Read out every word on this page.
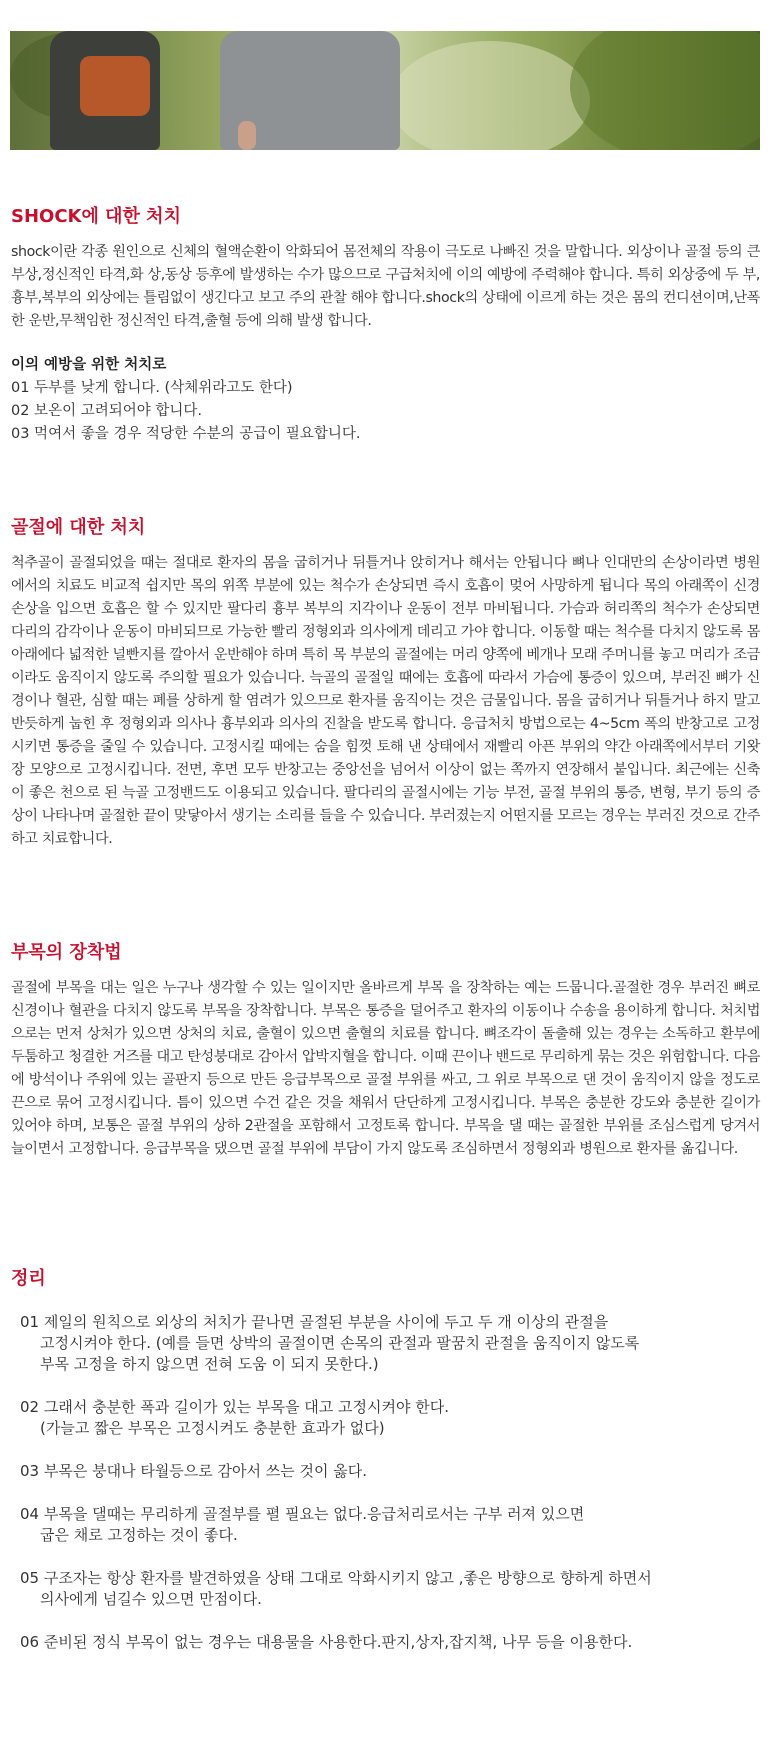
SHOCK에 대한 처치

shock이란 각종 원인으로 신체의 혈액순환이 악화되어 몸전체의 작용이 극도로 나빠진 것을 말합니다. 외상이나 골절 등의 큰부상,정신적인 타격,화 상,동상 등후에 발생하는 수가 많으므로 구급처치에 이의 예방에 주력해야 합니다. 특히 외상중에 두 부,흉부,복부의 외상에는 틀림없이 생긴다고 보고 주의 관찰 해야 합니다.shock의 상태에 이르게 하는 것은 몸의 컨디션이며,난폭한 운반,무책임한 정신적인 타격,출혈 등에 의해 발생 합니다.

이의 예방을 위한 처치로

01 두부를 낮게 합니다. (삭체위라고도 한다)

02 보온이 고려되어야 합니다.

03 먹여서 좋을 경우 적당한 수분의 공급이 필요합니다.

골절에 대한 처치

척추골이 골절되었을 때는 절대로 환자의 몸을 굽히거나 뒤틀거나 앉히거나 해서는 안됩니다 뼈나 인대만의 손상이라면 병원에서의 치료도 비교적 쉽지만 목의 위쪽 부분에 있는 척수가 손상되면 즉시 호흡이 멎어 사망하게 됩니다 목의 아래쪽이 신경 손상을 입으면 호흡은 할 수 있지만 팔다리 흉부 복부의 지각이나 운동이 전부 마비됩니다. 가슴과 허리쪽의 척수가 손상되면 다리의 감각이나 운동이 마비되므로 가능한 빨리 정형외과 의사에게 데리고 가야 합니다. 이동할 때는 척수를 다치지 않도록 몸 아래에다 넓적한 널빤지를 깔아서 운반해야 하며 특히 목 부분의 골절에는 머리 양쪽에 베개나 모래 주머니를 놓고 머리가 조금이라도 움직이지 않도록 주의할 필요가 있습니다. 늑골의 골절일 때에는 호흡에 따라서 가슴에 통증이 있으며, 부러진 뼈가 신경이나 혈관, 심할 때는 폐를 상하게 할 염려가 있으므로 환자를 움직이는 것은 금물입니다. 몸을 굽히거나 뒤틀거나 하지 말고 반듯하게 눕힌 후 정형외과 의사나 흉부외과 의사의 진찰을 받도록 합니다. 응급처치 방법으로는 4~5cm 폭의 반창고로 고정시키면 통증을 줄일 수 있습니다. 고정시킬 때에는 숨을 힘껏 토해 낸 상태에서 재빨리 아픈 부위의 약간 아래쪽에서부터 기왓장 모양으로 고정시킵니다. 전면, 후면 모두 반창고는 중앙선을 넘어서 이상이 없는 쪽까지 연장해서 붙입니다. 최근에는 신축이 좋은 천으로 된 늑골 고정밴드도 이용되고 있습니다. 팔다리의 골절시에는 기능 부전, 골절 부위의 통증, 변형, 부기 등의 증상이 나타나며 골절한 끝이 맞닿아서 생기는 소리를 들을 수 있습니다. 부러졌는지 어떤지를 모르는 경우는 부러진 것으로 간주하고 치료합니다.

부목의 장착법

골절에 부목을 대는 일은 누구나 생각할 수 있는 일이지만 올바르게 부목 을 장착하는 예는 드뭅니다.골절한 경우 부러진 뼈로 신경이나 혈관을 다치지 않도록 부목을 장착합니다. 부목은 통증을 덜어주고 환자의 이동이나 수송을 용이하게 합니다. 처치법으로는 먼저 상처가 있으면 상처의 치료, 출혈이 있으면 출혈의 치료를 합니다. 뼈조각이 돌출해 있는 경우는 소독하고 환부에 두툼하고 청결한 거즈를 대고 탄성붕대로 감아서 압박지혈을 합니다. 이때 끈이나 밴드로 무리하게 묶는 것은 위험합니다. 다음에 방석이나 주위에 있는 골판지 등으로 만든 응급부목으로 골절 부위를 싸고, 그 위로 부목으로 댄 것이 움직이지 않을 정도로 끈으로 묶어 고정시킵니다. 틈이 있으면 수건 같은 것을 채워서 단단하게 고정시킵니다. 부목은 충분한 강도와 충분한 길이가 있어야 하며, 보통은 골절 부위의 상하 2관절을 포함해서 고정토록 합니다. 부목을 댈 때는 골절한 부위를 조심스럽게 당겨서 늘이면서 고정합니다. 응급부목을 댔으면 골절 부위에 부담이 가지 않도록 조심하면서 정형외과 병원으로 환자를 옮깁니다.

정리

01 제일의 원칙으로 외상의 처치가 끝나면 골절된 부분을 사이에 두고 두 개 이상의 관절을
고정시켜야 한다. (예를 들면 상박의 골절이면 손목의 관절과 팔꿈치 관절을 움직이지 않도록
부목 고정을 하지 않으면 전혀 도움 이 되지 못한다.)

02 그래서 충분한 폭과 길이가 있는 부목을 대고 고정시켜야 한다.
(가늘고 짧은 부목은 고정시켜도 충분한 효과가 없다)

03 부목은 붕대나 타월등으로 감아서 쓰는 것이 옳다.

04 부목을 댈때는 무리하게 골절부를 펼 필요는 없다.응급처리로서는 구부 러져 있으면
굽은 채로 고정하는 것이 좋다.

05 구조자는 항상 환자를 발견하였을 상태 그대로 악화시키지 않고 ,좋은 방향으로 향하게 하면서
의사에게 넘길수 있으면 만점이다.

06 준비된 정식 부목이 없는 경우는 대용물을 사용한다.판지,상자,잡지책, 나무 등을 이용한다.
